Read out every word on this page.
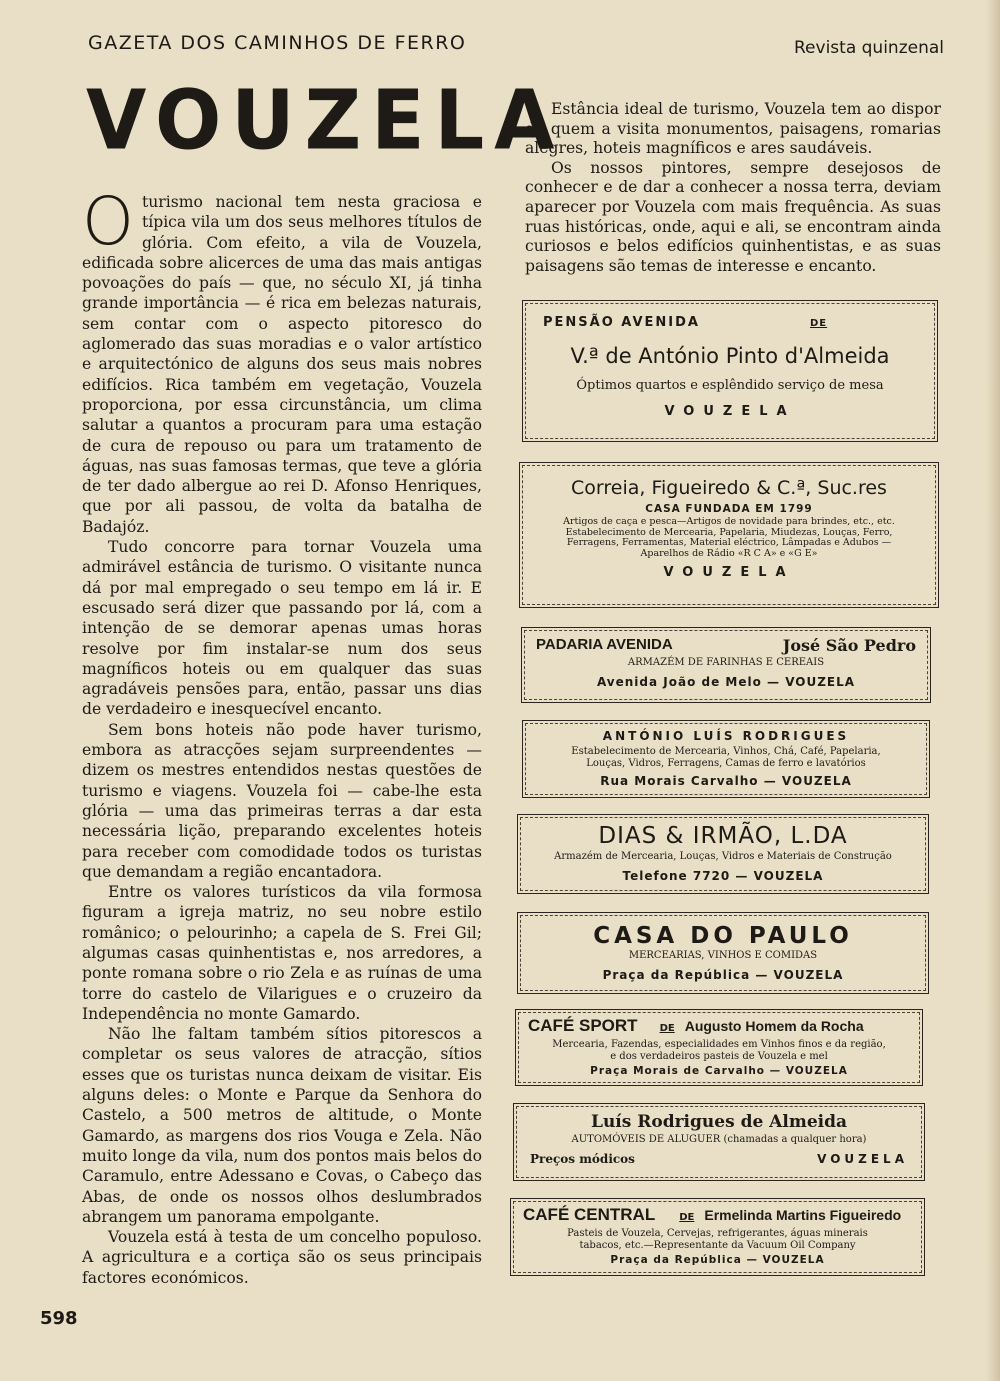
GAZETA DOS CAMINHOS DE FERRO	Revista quinzenal
VOUZELA

Oturismo nacional tem nesta graciosa e típica vila um dos seus melhores títulos de glória. Com efeito, a vila de Vouzela, edificada sobre alicerces de uma das mais antigas povoações do país — que, no século XI, já tinha grande importância — é rica em belezas naturais, sem contar com o aspecto pitoresco do aglomerado das suas moradias e o valor artístico e arquitectónico de alguns dos seus mais nobres edifícios. Rica também em vegetação, Vouzela proporciona, por essa circunstância, um clima salutar a quantos a procuram para uma estação de cura de repouso ou para um tratamento de águas, nas suas famosas termas, que teve a glória de ter dado albergue ao rei D. Afonso Henriques, que por ali passou, de volta da batalha de Badajóz.

Tudo concorre para tornar Vouzela uma admirável estância de turismo. O visitante nunca dá por mal empregado o seu tempo em lá ir. E escusado será dizer que passando por lá, com a intenção de se demorar apenas umas horas resolve por fim instalar-se num dos seus magníficos hoteis ou em qualquer das suas agradáveis pensões para, então, passar uns dias de verdadeiro e inesquecível encanto.

Sem bons hoteis não pode haver turismo, embora as atracções sejam surpreendentes — dizem os mestres entendidos nestas questões de turismo e viagens. Vouzela foi — cabe-lhe esta glória — uma das primeiras terras a dar esta necessária lição, preparando excelentes hoteis para receber com comodidade todos os turistas que demandam a região encantadora.

Entre os valores turísticos da vila formosa figuram a igreja matriz, no seu nobre estilo românico; o pelourinho; a capela de S. Frei Gil; algumas casas quinhentistas e, nos arredores, a ponte romana sobre o rio Zela e as ruínas de uma torre do castelo de Vilarigues e o cruzeiro da Independência no monte Gamardo.

Não lhe faltam também sítios pitorescos a completar os seus valores de atracção, sítios esses que os turistas nunca deixam de visitar. Eis alguns deles: o Monte e Parque da Senhora do Castelo, a 500 metros de altitude, o Monte Gamardo, as margens dos rios Vouga e Zela. Não muito longe da vila, num dos pontos mais belos do Caramulo, entre Adessano e Covas, o Cabeço das Abas, de onde os nossos olhos deslumbrados abrangem um panorama empolgante.

Vouzela está à testa de um concelho populoso. A agricultura e a cortiça são os seus principais factores económicos.

Estância ideal de turismo, Vouzela tem ao dispor de quem a visita monumentos, paisagens, romarias alegres, hoteis magníficos e ares saudáveis.

Os nossos pintores, sempre desejosos de conhecer e de dar a conhecer a nossa terra, deviam aparecer por Vouzela com mais frequência. As suas ruas históricas, onde, aqui e ali, se encontram ainda curiosos e belos edifícios quinhentistas, e as suas paisagens são temas de interesse e encanto.

PENSÃO AVENIDA	DE
V.ª de António Pinto d'Almeida
Óptimos quartos e esplêndido serviço de mesa
VOUZELA
Correia, Figueiredo & C.ª, Suc.res
CASA FUNDADA EM 1799
Artigos de caça e pesca—Artigos de novidade para brindes, etc., etc.
Estabelecimento de Mercearia, Papelaria, Miudezas, Louças, Ferro,
Ferragens, Ferramentas, Material eléctrico, Lâmpadas e Adubos —
Aparelhos de Rádio «R C A» e «G E»
VOUZELA
PADARIA AVENIDA	José São Pedro
ARMAZÉM DE FARINHAS E CEREAIS
Avenida João de Melo — VOUZELA
ANTÓNIO LUÍS RODRIGUES
Estabelecimento de Mercearia, Vinhos, Chá, Café, Papelaria,
Louças, Vidros, Ferragens, Camas de ferro e lavatórios
Rua Morais Carvalho — VOUZELA
DIAS & IRMÃO, L.DA
Armazém de Mercearia, Louças, Vidros e Materiais de Construção
Telefone 7720 — VOUZELA
CASA DO PAULO
MERCEARIAS, VINHOS E COMIDAS
Praça da República — VOUZELA
CAFÉ SPORT DE Augusto Homem da Rocha
Mercearia, Fazendas, especialidades em Vinhos finos e da região,
e dos verdadeiros pasteis de Vouzela e mel
Praça Morais de Carvalho — VOUZELA
Luís Rodrigues de Almeida
AUTOMÓVEIS DE ALUGUER (chamadas a qualquer hora)
Preços módicos	VOUZELA
CAFÉ CENTRAL DE Ermelinda Martins Figueiredo
Pasteis de Vouzela, Cervejas, refrigerantes, águas minerais
tabacos, etc.—Representante da Vacuum Oil Company
Praça da República — VOUZELA
598
